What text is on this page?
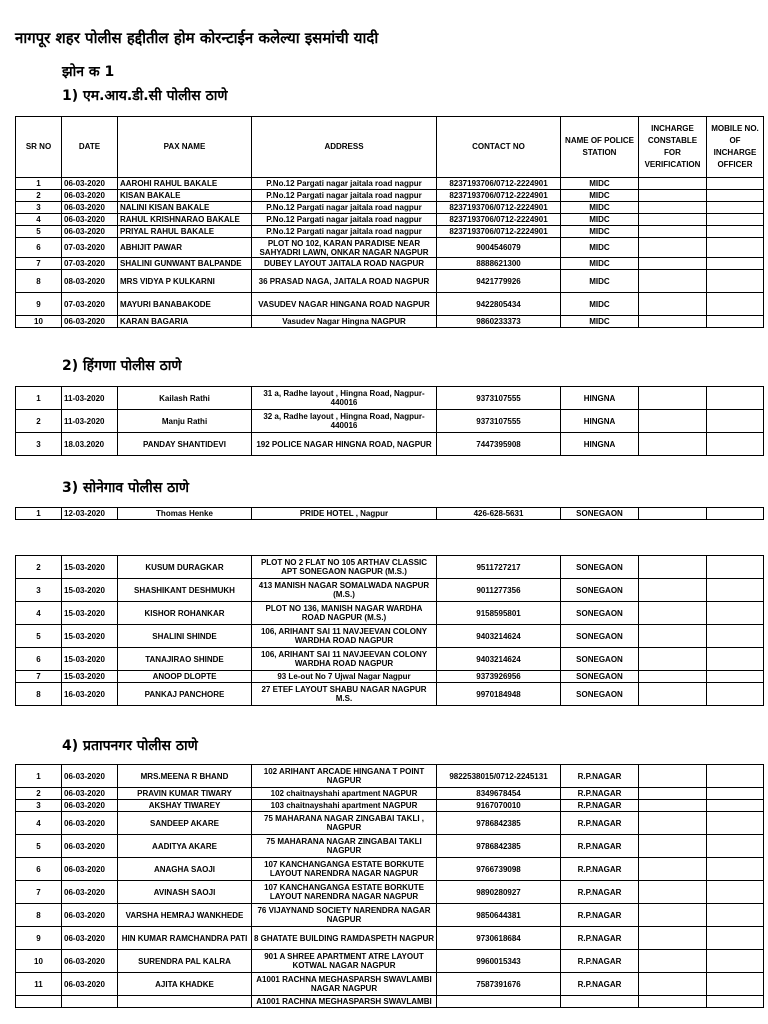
नागपूर शहर पोलीस हद्दीतील होम कोरन्टाईन कलेल्या इसमांची यादी
झोन क 1
1) एम.आय.डी.सी पोलीस ठाणे
SR NO	DATE	PAX NAME	ADDRESS	CONTACT NO	NAME OF POLICE STATION	INCHARGE CONSTABLE FOR VERIFICATION	MOBILE NO. OF INCHARGE OFFICER
1	06-03-2020	AAROHI RAHUL BAKALE	P.No.12 Pargati nagar jaitala road nagpur	8237193706/0712-2224901	MIDC		
2	06-03-2020	KISAN BAKALE	P.No.12 Pargati nagar jaitala road nagpur	8237193706/0712-2224901	MIDC		
3	06-03-2020	NALINI KISAN BAKALE	P.No.12 Pargati nagar jaitala road nagpur	8237193706/0712-2224901	MIDC		
4	06-03-2020	RAHUL KRISHNARAO BAKALE	P.No.12 Pargati nagar jaitala road nagpur	8237193706/0712-2224901	MIDC		
5	06-03-2020	PRIYAL RAHUL BAKALE	P.No.12 Pargati nagar jaitala road nagpur	8237193706/0712-2224901	MIDC		
6	07-03-2020	ABHIJIT PAWAR	PLOT NO 102, KARAN PARADISE NEAR SAHYADRI LAWN, ONKAR NAGAR NAGPUR	9004546079	MIDC		
7	07-03-2020	SHALINI GUNWANT BALPANDE	DUBEY LAYOUT JAITALA ROAD NAGPUR	8888621300	MIDC		
8	08-03-2020	MRS VIDYA P KULKARNI	36 PRASAD NAGA, JAITALA ROAD NAGPUR	9421779926	MIDC		
9	07-03-2020	MAYURI BANABAKODE	VASUDEV NAGAR HINGANA ROAD NAGPUR	9422805434	MIDC		
10	06-03-2020	KARAN BAGARIA	Vasudev Nagar Hingna NAGPUR	9860233373	MIDC		
2) हिंगणा पोलीस ठाणे
1	11-03-2020	Kailash Rathi	31 a, Radhe layout , Hingna Road, Nagpur-440016	9373107555	HINGNA		
2	11-03-2020	Manju Rathi	32 a, Radhe layout , Hingna Road, Nagpur-440016	9373107555	HINGNA		
3	18.03.2020	PANDAY SHANTIDEVI	192 POLICE NAGAR HINGNA ROAD, NAGPUR	7447395908	HINGNA		
3) सोनेगाव पोलीस ठाणे
1	12-03-2020	Thomas Henke	PRIDE HOTEL , Nagpur	426-628-5631	SONEGAON		
2	15-03-2020	KUSUM DURAGKAR	PLOT NO 2 FLAT NO 105 ARTHAV CLASSIC APT SONEGAON NAGPUR (M.S.)	9511727217	SONEGAON		
3	15-03-2020	SHASHIKANT DESHMUKH	413 MANISH NAGAR SOMALWADA NAGPUR (M.S.)	9011277356	SONEGAON		
4	15-03-2020	KISHOR ROHANKAR	PLOT NO 136, MANISH NAGAR WARDHA ROAD NAGPUR (M.S.)	9158595801	SONEGAON		
5	15-03-2020	SHALINI SHINDE	106, ARIHANT SAI 11 NAVJEEVAN COLONY WARDHA ROAD NAGPUR	9403214624	SONEGAON		
6	15-03-2020	TANAJIRAO SHINDE	106, ARIHANT SAI 11 NAVJEEVAN COLONY WARDHA ROAD NAGPUR	9403214624	SONEGAON		
7	15-03-2020	ANOOP DLOPTE	93 Le-out No 7 Ujwal Nagar Nagpur	9373926956	SONEGAON		
8	16-03-2020	PANKAJ PANCHORE	27 ETEF LAYOUT SHABU NAGAR NAGPUR M.S.	9970184948	SONEGAON		
4) प्रतापनगर पोलीस ठाणे
1	06-03-2020	MRS.MEENA R BHAND	102 ARIHANT ARCADE HINGANA T POINT NAGPUR	9822538015/0712-2245131	R.P.NAGAR		
2	06-03-2020	PRAVIN KUMAR TIWARY	102 chaitnayshahi apartment NAGPUR	8349678454	R.P.NAGAR		
3	06-03-2020	AKSHAY TIWAREY	103 chaitnayshahi apartment NAGPUR	9167070010	R.P.NAGAR		
4	06-03-2020	SANDEEP AKARE	75 MAHARANA NAGAR ZINGABAI TAKLI , NAGPUR	9786842385	R.P.NAGAR		
5	06-03-2020	AADITYA AKARE	75 MAHARANA NAGAR ZINGABAI TAKLI NAGPUR	9786842385	R.P.NAGAR		
6	06-03-2020	ANAGHA SAOJI	107 KANCHANGANGA ESTATE BORKUTE LAYOUT NARENDRA NAGAR NAGPUR	9766739098	R.P.NAGAR		
7	06-03-2020	AVINASH SAOJI	107 KANCHANGANGA ESTATE BORKUTE LAYOUT NARENDRA NAGAR NAGPUR	9890280927	R.P.NAGAR		
8	06-03-2020	VARSHA HEMRAJ WANKHEDE	76 VIJAYNAND SOCIETY NARENDRA NAGAR NAGPUR	9850644381	R.P.NAGAR		
9	06-03-2020	HIN KUMAR RAMCHANDRA PATI	8 GHATATE BUILDING RAMDASPETH NAGPUR	9730618684	R.P.NAGAR		
10	06-03-2020	SURENDRA PAL KALRA	901 A SHREE APARTMENT ATRE LAYOUT KOTWAL NAGAR NAGPUR	9960015343	R.P.NAGAR		
11	06-03-2020	AJITA KHADKE	A1001 RACHNA MEGHASPARSH SWAVLAMBI NAGAR NAGPUR	7587391676	R.P.NAGAR		
			A1001 RACHNA MEGHASPARSH SWAVLAMBI				
